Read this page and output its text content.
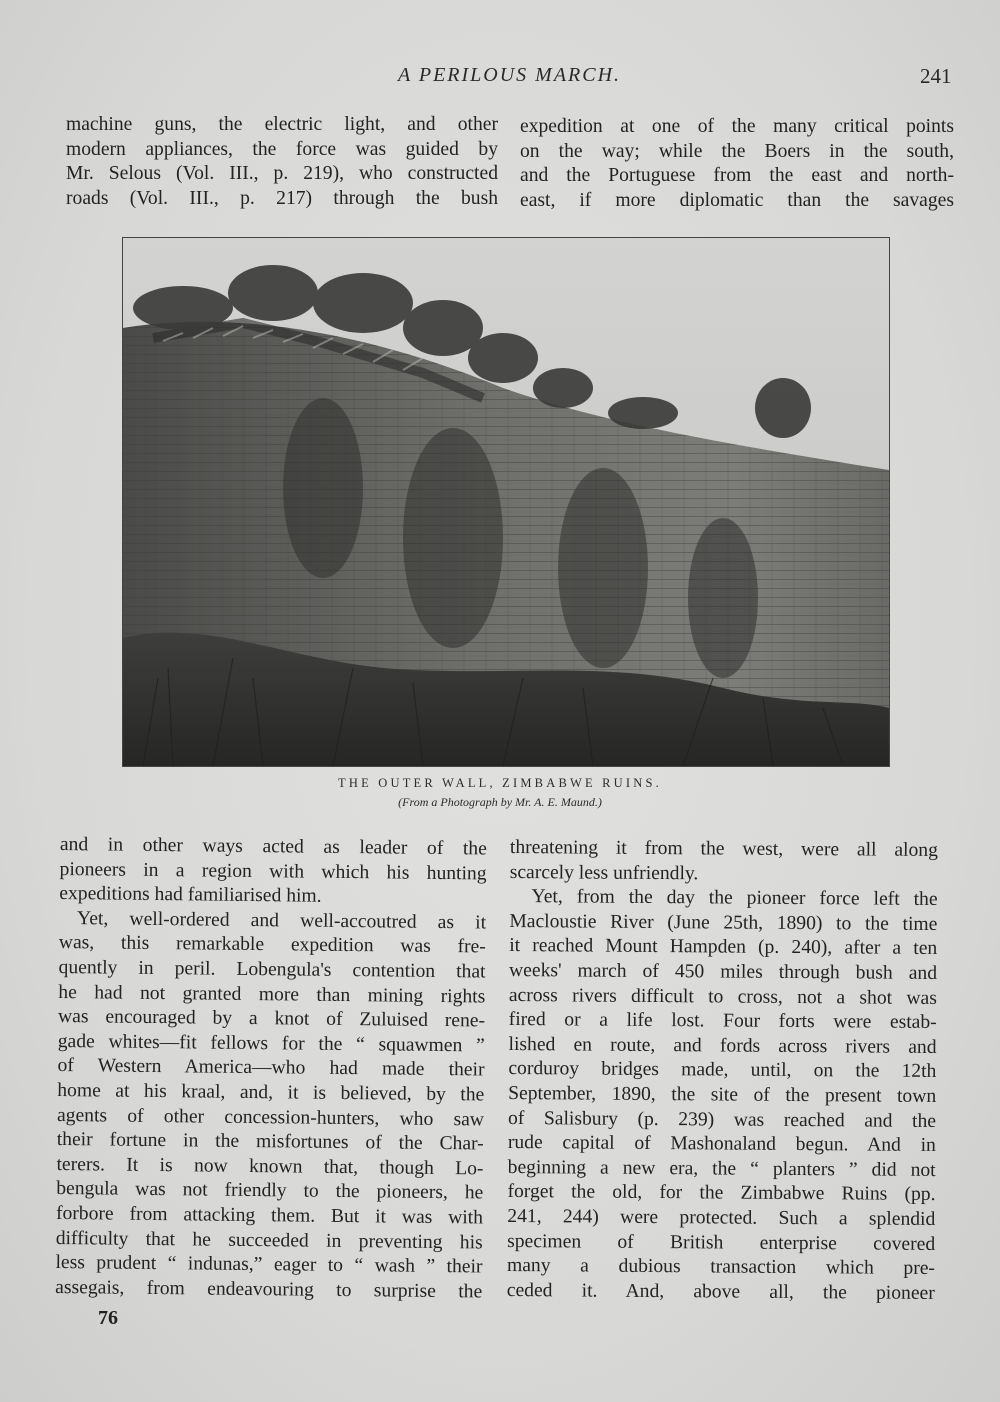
A PERILOUS MARCH.	241
machine guns, the electric light, and other
modern appliances, the force was guided by
Mr. Selous (Vol. III., p. 219), who constructed
roads (Vol. III., p. 217) through the bush
expedition at one of the many critical points
on the way; while the Boers in the south,
and the Portuguese from the east and north-
east, if more diplomatic than the savages
THE OUTER WALL, ZIMBABWE RUINS.
(From a Photograph by Mr. A. E. Maund.)
and in other ways acted as leader of the
pioneers in a region with which his hunting
expeditions had familiarised him.
Yet, well-ordered and well-accoutred as it
was, this remarkable expedition was fre-
quently in peril. Lobengula's contention that
he had not granted more than mining rights
was encouraged by a knot of Zuluised rene-
gade whites—fit fellows for the “ squawmen ”
of Western America—who had made their
home at his kraal, and, it is believed, by the
agents of other concession-hunters, who saw
their fortune in the misfortunes of the Char-
terers. It is now known that, though Lo-
bengula was not friendly to the pioneers, he
forbore from attacking them. But it was with
difficulty that he succeeded in preventing his
less prudent “ indunas,” eager to “ wash ” their
assegais, from endeavouring to surprise the
threatening it from the west, were all along
scarcely less unfriendly.
Yet, from the day the pioneer force left the
Macloustie River (June 25th, 1890) to the time
it reached Mount Hampden (p. 240), after a ten
weeks' march of 450 miles through bush and
across rivers difficult to cross, not a shot was
fired or a life lost. Four forts were estab-
lished en route, and fords across rivers and
corduroy bridges made, until, on the 12th
September, 1890, the site of the present town
of Salisbury (p. 239) was reached and the
rude capital of Mashonaland begun. And in
beginning a new era, the “ planters ” did not
forget the old, for the Zimbabwe Ruins (pp.
241, 244) were protected. Such a splendid
specimen of British enterprise covered
many a dubious transaction which pre-
ceded it. And, above all, the pioneer
76
